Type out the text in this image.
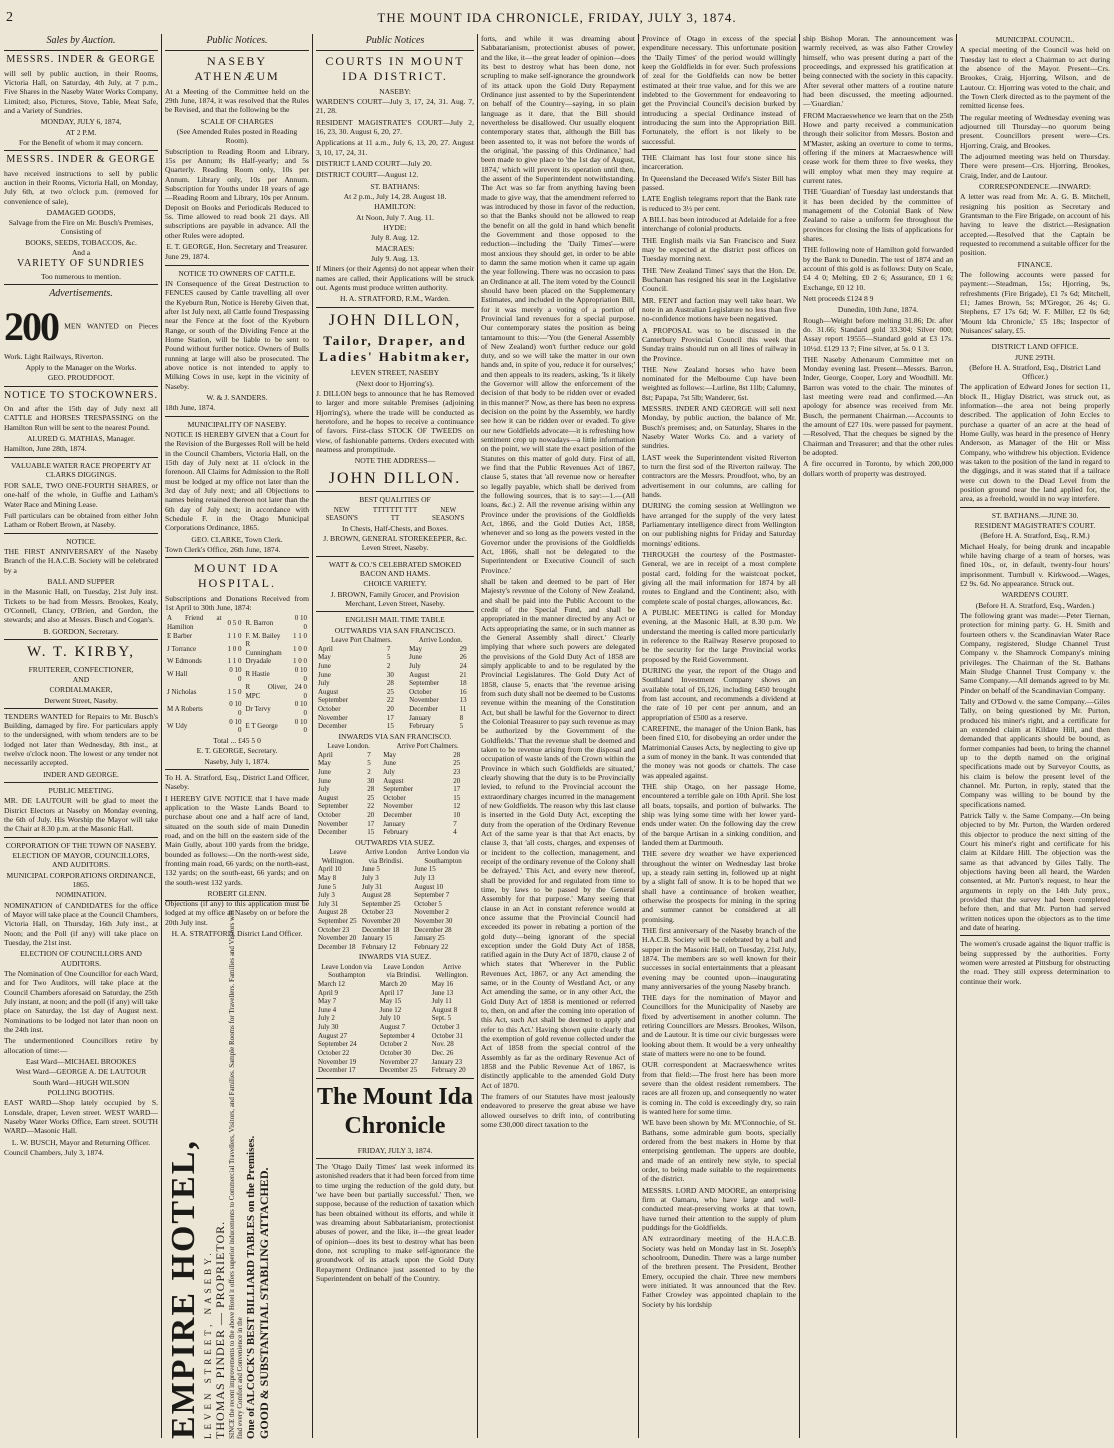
2	THE MOUNT IDA CHRONICLE, FRIDAY, JULY 3, 1874.
Sales by Auction.

MESSRS. INDER & GEORGE

will sell by public auction, in their Rooms, Victoria Hall, on Saturday, 4th July, at 7 p.m., Five Shares in the Naseby Water Works Company, Limited; also, Pictures, Stove, Table, Meat Safe, and a Variety of Sundries.

MONDAY, JULY 6, 1874,

AT 2 P.M.

For the Benefit of whom it may concern.

MESSRS. INDER & GEORGE

have received instructions to sell by public auction in their Rooms, Victoria Hall, on Monday, July 6th, at two o'clock p.m. (removed for convenience of sale),

DAMAGED GOODS,

Salvage from the Fire on Mr. Busch's Premises, Consisting of

BOOKS, SEEDS, TOBACCOS, &c.

And a

VARIETY OF SUNDRIES

Too numerous to mention.

Advertisements.

200 MEN WANTED on Pieces Work. Light Railways, Riverton.

Apply to the Manager on the Works.

GEO. PROUDFOOT.

NOTICE TO STOCKOWNERS.

On and after the 15th day of July next all CATTLE and HORSES TRESPASSING on the Hamilton Run will be sent to the nearest Pound.

ALURED G. MATHIAS, Manager.

Hamilton, June 28th, 1874.

VALUABLE WATER RACE PROPERTY AT CLARKS DIGGINGS.

FOR SALE, TWO ONE-FOURTH SHARES, or one-half of the whole, in Guffie and Latham's Water Race and Mining Lease.

Full particulars can be obtained from either John Latham or Robert Brown, at Naseby.

NOTICE.

THE FIRST ANNIVERSARY of the Naseby Branch of the H.A.C.B. Society will be celebrated by a

BALL AND SUPPER

in the Masonic Hall, on Tuesday, 21st July inst. Tickets to be had from Messrs. Brookes, Kealy, O'Connell, Clancy, O'Brien, and Gordon, the stewards; and also at Messrs. Busch and Cogan's.

B. GORDON, Secretary.

W. T. KIRBY,

FRUITERER, CONFECTIONER,

AND

CORDIALMAKER,

Derwent Street, Naseby.

TENDERS WANTED for Repairs to Mr. Busch's Building, damaged by fire. For particulars apply to the undersigned, with whom tenders are to be lodged not later than Wednesday, 8th inst., at twelve o'clock noon. The lowest or any tender not necessarily accepted.

INDER AND GEORGE.

PUBLIC MEETING.

MR. DE LAUTOUR will be glad to meet the District Electors at Naseby on Monday evening, the 6th of July. His Worship the Mayor will take the Chair at 8.30 p.m. at the Masonic Hall.

CORPORATION OF THE TOWN OF NASEBY.

ELECTION OF MAYOR, COUNCILLORS, AND AUDITORS.

MUNICIPAL CORPORATIONS ORDINANCE, 1865.

NOMINATION.

NOMINATION of CANDIDATES for the office of Mayor will take place at the Council Chambers, Victoria Hall, on Thursday, 16th July inst., at Noon; and the Poll (if any) will take place on Tuesday, the 21st inst.

ELECTION OF COUNCILLORS AND AUDITORS.

The Nomination of One Councillor for each Ward, and for Two Auditors, will take place at the Council Chambers aforesaid on Saturday, the 25th July instant, at noon; and the poll (if any) will take place on Saturday, the 1st day of August next. Nominations to be lodged not later than noon on the 24th inst.

The undermentioned Councillors retire by allocation of time:—

East Ward—MICHAEL BROOKES

West Ward—GEORGE A. DE LAUTOUR

South Ward—HUGH WILSON

POLLING BOOTHS.

EAST WARD—Shop lately occupied by S. Lonsdale, draper, Leven street. WEST WARD—Naseby Water Works Office, Earn street. SOUTH WARD—Masonic Hall.

L. W. BUSCH, Mayor and Returning Officer.

Council Chambers, July 3, 1874.

Public Notices.

NASEBY ATHENÆUM

At a Meeting of the Committee held on the 29th June, 1874, it was resolved that the Rules be Revised, and that the following be the

SCALE OF CHARGES

(See Amended Rules posted in Reading Room).

Subscription to Reading Room and Library, 15s per Annum; 8s Half-yearly; and 5s Quarterly. Reading Room only, 10s per Annum. Library only, 10s per Annum. Subscription for Youths under 18 years of age—Reading Room and Library, 10s per Annum. Deposit on Books and Periodicals Reduced to 5s. Time allowed to read book 21 days. All subscriptions are payable in advance. All the other Rules were adopted.

E. T. GEORGE, Hon. Secretary and Treasurer.

June 29, 1874.

NOTICE TO OWNERS OF CATTLE.

IN Consequence of the Great Destruction to FENCES caused by Cattle travelling all over the Kyeburn Run, Notice is Hereby Given that, after 1st July next, all Cattle found Trespassing near the Fence at the foot of the Kyeburn Range, or south of the Dividing Fence at the Home Station, will be liable to be sent to Pound without further notice. Owners of Bulls running at large will also be prosecuted. The above notice is not intended to apply to Milking Cows in use, kept in the vicinity of Naseby.

W. & J. SANDERS.

18th June, 1874.

MUNICIPALITY OF NASEBY.

NOTICE IS HEREBY GIVEN that a Court for the Revision of the Burgesses Roll will be held in the Council Chambers, Victoria Hall, on the 15th day of July next at 11 o'clock in the forenoon. All Claims for Admission to the Roll must be lodged at my office not later than the 3rd day of July next; and all Objections to names being retained thereon not later than the 6th day of July next; in accordance with Schedule F. in the Otago Municipal Corporations Ordinance, 1865.

GEO. CLARKE, Town Clerk.

Town Clerk's Office, 26th June, 1874.

MOUNT IDA HOSPITAL.

Subscriptions and Donations Received from 1st April to 30th June, 1874:

A Friend at Hamilton	0 5 0	R. Barron	0 10 0
E Barber	1 1 0	F. M. Bailey	1 1 0
J Torrance	1 0 0	R Cunningham	1 0 0
W Edmonds	1 1 0	Dryadale	1 0 0
W Hall	0 10 0	R Hastie	0 10 0
J Nicholas	1 5 0	R Oliver, MPC	24 0 0
M A Roberts	0 10 0	Dr Tervy	0 10 0
W Udy	0 10 0	E T George	0 10 0

Total ... £45 5 0

E. T. GEORGE, Secretary.

Naseby, July 1, 1874.

To H. A. Stratford, Esq., District Land Officer, Naseby.

I HEREBY GIVE NOTICE that I have made application to the Waste Lands Board to purchase about one and a half acre of land, situated on the south side of main Dunedin road, and on the hill on the eastern side of the Main Gully, about 100 yards from the bridge, bounded as follows:—On the north-west side, fronting main road, 66 yards; on the north-east, 132 yards; on the south-east, 66 yards; and on the south-west 132 yards.

ROBERT GLENN.

Objections (if any) to this application must be lodged at my office at Naseby on or before the 20th July inst.

H. A. STRATFORD, District Land Officer.

EMPIRE HOTEL, LEVEN STREET, NASEBY. THOMAS PINDER — PROPRIETOR. SINCE the recent improvements to the above Hotel it offers superior inducements to Commercial Travellers, Visitors, and Families. Sample Rooms for Travellers. Families and Visitors will find every Comfort and Convenience in the One of ALCOCK'S BEST BILLIARD TABLES on the Premises. GOOD & SUBSTANTIAL STABLING ATTACHED.
Public Notices

COURTS IN MOUNT IDA DISTRICT.

NASEBY:

WARDEN'S COURT—July 3, 17, 24, 31. Aug. 7, 21, 28.

RESIDENT MAGISTRATE'S COURT—July 2, 16, 23, 30. August 6, 20, 27.

Applications at 11 a.m., July 6, 13, 20, 27. August 3, 10, 17, 24, 31.

DISTRICT LAND COURT—July 20.

DISTRICT COURT—August 12.

ST. BATHANS:

At 2 p.m., July 14, 28. August 18.

HAMILTON:

At Noon, July 7. Aug. 11.

HYDE:

July 8. Aug. 12.

MACRAES:

July 9. Aug. 13.

If Miners (or their Agents) do not appear when their names are called, their Applications will be struck out. Agents must produce written authority.

H. A. STRATFORD, R.M., Warden.

JOHN DILLON,

Tailor, Draper, and Ladies' Habitmaker,

LEVEN STREET, NASEBY

(Next door to Hjorring's).

J. DILLON begs to announce that he has Removed to larger and more suitable Premises (adjoining Hjorring's), where the trade will be conducted as heretofore, and he hopes to receive a continuance of favors. First-class STOCK OF TWEEDS on view, of fashionable patterns. Orders executed with neatness and promptitude.

NOTE THE ADDRESS—

JOHN DILLON.

BEST QUALITIES OF

NEW SEASON'S	TTTTTTT TTT TT	NEW SEASON'S

In Chests, Half-Chests, and Boxes.

J. BROWN, GENERAL STOREKEEPER, &c. Leven Street, Naseby.

WATT & CO.'S CELEBRATED SMOKED BACON AND HAMS.

CHOICE VARIETY.

J. BROWN, Family Grocer, and Provision Merchant, Leven Street, Naseby.

ENGLISH MAIL TIME TABLE

OUTWARDS VIA SAN FRANCISCO.

Leave Port Chalmers.		Arrive London.	
April	7	May	29
May	5	June	26
June	2	July	24
June	30	August	21
July	28	September	18
August	25	October	16
September	22	November	13
October	20	December	11
November	17	January	8
December	15	February	5

INWARDS VIA SAN FRANCISCO.

Leave London.		Arrive Port Chalmers.	
April	7	May	28
May	5	June	25
June	2	July	23
June	30	August	20
July	28	September	17
August	25	October	15
September	22	November	12
October	20	December	10
November	17	January	7
December	15	February	4

OUTWARDS VIA SUEZ.

Leave Wellington.	Arrive London via Brindisi.	Arrive London via Southampton
April 10	June 5	June 15
May 8	July 3	July 13
June 5	July 31	August 10
July 3	August 28	September 7
July 31	September 25	October 5
August 28	October 23	November 2
September 25	November 20	November 30
October 23	December 18	December 28
November 20	January 15	January 25
December 18	February 12	February 22

INWARDS VIA SUEZ.

Leave London via Southampton	Leave London via Brindisi.	Arrive Wellington.
March 12	March 20	May 16
April 9	April 17	June 13
May 7	May 15	July 11
June 4	June 12	August 8
July 2	July 10	Sept. 5
July 30	August 7	October 3
August 27	September 4	October 31
September 24	October 2	Nov. 28
October 22	October 30	Dec. 26
November 19	November 27	January 23
December 17	December 25	February 20

The Mount Ida Chronicle

FRIDAY, JULY 3, 1874.

The 'Otago Daily Times' last week informed its astonished readers that it had been forced from time to time urging the reduction of the gold duty, but 'we have been but partially successful.' Then, we suppose, because of the reduction of taxation which has been obtained without its efforts, and while it was dreaming about Sabbatarianism, protectionist abuses of power, and the like, it—the great leader of opinion—does its best to destroy what has been done, not scrupling to make self-ignorance the groundwork of its attack upon the Gold Duty Repayment Ordinance just assented to by the Superintendent on behalf of the Country.

forts, and while it was dreaming about Sabbatarianism, protectionist abuses of power, and the like, it—the great leader of opinion—does its best to destroy what has been done, not scrupling to make self-ignorance the groundwork of its attack upon the Gold Duty Repayment Ordinance just assented to by the Superintendent on behalf of the Country—saying, in so plain language as it dare, that the Bill should nevertheless be disallowed. Our usually eloquent contemporary states that, although the Bill has been assented to, it was not before the words of the original, 'the passing of this Ordinance,' had been made to give place to 'the 1st day of August, 1874,' which will prevent its operation until then, the assent of the Superintendent notwithstanding. The Act was so far from anything having been made to give way, that the amendment referred to was introduced by those in favor of the reduction, so that the Banks should not be allowed to reap the benefit on all the gold in hand which benefit the Government and those opposed to the reduction—including the 'Daily Times'—were most anxious they should get, in order to be able to damn the same motion when it came up again the year following. There was no occasion to pass an Ordinance at all. The item voted by the Council should have been placed on the Supplementary Estimates, and included in the Appropriation Bill, for it was merely a voting of a portion of Provincial land revenues for a special purpose. Our contemporary states the position as being tantamount to this:—'You (the General Assembly of New Zealand) won't further reduce our gold duty, and so we will take the matter in our own hands and, in spite of you, reduce it for ourselves;' and then appeals to its readers, asking, 'Is it likely the Governor will allow the enforcement of the decision of that body to be ridden over or evaded in this manner?' Now, as there has been no express decision on the point by the Assembly, we hardly see how it can be ridden over or evaded. To give our new Goldfields advocate—it is refreshing how sentiment crop up nowadays—a little information on the point, we will state the exact position of the Statutes on this matter of gold duty. First of all, we find that the Public Revenues Act of 1867, clause 5, states that 'all revenue now or hereafter so legally payable, which shall be derived from the following sources, that is to say:—1.—(All loans, &c.) 2. All the revenue arising within any Province under the provisions of the Goldfields Act, 1866, and the Gold Duties Act, 1858, whenever and so long as the powers vested in the Governor under the provisions of the Goldfields Act, 1866, shall not be delegated to the Superintendent or Executive Council of such Province.'

shall be taken and deemed to be part of Her Majesty's revenue of the Colony of New Zealand, and shall be paid into the Public Account to the credit of the Special Fund, and shall be appropriated in the manner directed by any Act or Acts appropriating the same, or in such manner as the General Assembly shall direct.' Clearly implying that where such powers are delegated the provisions of the Gold Duty Act of 1858 are simply applicable to and to be regulated by the Provincial Legislatures. The Gold Duty Act of 1858, clause 5, enacts that 'the revenue arising from such duty shall not be deemed to be Customs revenue within the meaning of the Constitution Act, but shall be lawful for the Governor to direct the Colonial Treasurer to pay such revenue as may be authorized by the Government of the Goldfields.' That the revenue shall be deemed and taken to be revenue arising from the disposal and occupation of waste lands of the Crown within the Province in which such Goldfields are situated,' clearly showing that the duty is to be Provincially levied, to refund to the Provincial account the extraordinary charges incurred in the management of new Goldfields. The reason why this last clause is inserted in the Gold Duty Act, excepting the duty from the operation of the Ordinary Revenue Act of the same year is that that Act enacts, by clause 3, that 'all costs, charges, and expenses of or incident to the collection, management, and receipt of the ordinary revenue of the Colony shall be defrayed.' This Act, and every new thereof, shall be provided for and regulated from time to time, by laws to be passed by the General Assembly for that purpose.' Many seeing that clause in an Act in constant reference would at once assume that the Provincial Council had exceeded its power in rebating a portion of the gold duty—being ignorant of the special exception under the Gold Duty Act of 1858, ratified again in the Duty Act of 1870, clause 2 of which states that 'Wherever in the Public Revenues Act, 1867, or any Act amending the same, or in the County of Westland Act, or any Act amending the same, or in any other Act, the Gold Duty Act of 1858 is mentioned or referred to, then, on and after the coming into operation of this Act, such Act shall be deemed to apply and refer to this Act.' Having shown quite clearly that the exemption of gold revenue collected under the Act of 1858 from the special control of the Assembly as far as the ordinary Revenue Act of 1858 and the Public Revenue Act of 1867, is distinctly applicable to the amended Gold Duty Act of 1870.

The framers of our Statutes have most jealously endeavored to preserve the great abuse we have allowed ourselves to drift into, of contributing some £30,000 direct taxation to the

Province of Otago in excess of the special expenditure necessary. This unfortunate position the 'Daily Times' of the period would willingly keep the Goldfields in for ever. Such professions of zeal for the Goldfields can now be better estimated at their true value, and for this we are indebted to the Government for endeavoring to get the Provincial Council's decision burked by introducing a special Ordinance instead of introducing the sum into the Appropriation Bill. Fortunately, the effort is not likely to be successful.

THE Claimant has lost four stone since his incarceration.

In Queensland the Deceased Wife's Sister Bill has passed.

LATE English telegrams report that the Bank rate is reduced to 3½ per cent.

A BILL has been introduced at Adelaide for a free interchange of colonial products.

THE English mails via San Francisco and Suez may be expected at the district post offices on Tuesday morning next.

THE 'New Zealand Times' says that the Hon. Dr. Buchanan has resigned his seat in the Legislative Council.

MR. FENT and faction may well take heart. We note in an Australian Legislature no less than five no-confidence motions have been negatived.

A PROPOSAL was to be discussed in the Canterbury Provincial Council this week that Sunday trains should run on all lines of railway in the Province.

THE New Zealand horses who have been nominated for the Melbourne Cup have been weighted as follows:—Lurline, 8st 11lb; Calumny, 8st; Papapa, 7st 5lb; Wanderer, 6st.

MESSRS. INDER AND GEORGE will sell next Monday, by public auction, the balance of Mr. Busch's premises; and, on Saturday, Shares in the Naseby Water Works Co. and a variety of sundries.

LAST week the Superintendent visited Riverton to turn the first sod of the Riverton railway. The contractors are the Messrs. Proudfoot, who, by an advertisement in our columns, are calling for hands.

DURING the coming session at Wellington we have arranged for the supply of the very latest Parliamentary intelligence direct from Wellington on our publishing nights for Friday and Saturday mornings' editions.

THROUGH the courtesy of the Postmaster-General, we are in receipt of a most complete postal card, folding for the waistcoat pocket, giving all the mail information for 1874 by all routes to England and the Continent; also, with complete scale of postal charges, allowances, &c.

A PUBLIC MEETING is called for Monday evening, at the Masonic Hall, at 8.30 p.m. We understand the meeting is called more particularly in reference to the Railway Reserve proposed to be the security for the large Provincial works proposed by the Reid Government.

DURING the year, the report of the Otago and Southland Investment Company shows an available total of £6,126, including £450 brought from last account, and recommends a dividend at the rate of 10 per cent per annum, and an appropriation of £500 as a reserve.

CAREFINE, the manager of the Union Bank, has been fined £10, for disobeying an order under the Matrimonial Causes Acts, by neglecting to give up a sum of money in the bank. It was contended that the money was not goods or chattels. The case was appealed against.

THE ship Otago, on her passage Home, encountered a terrible gale on 10th April. She lost all boats, topsails, and portion of bulwarks. The ship was lying some time with her lower yard-ends under water. On the following day the crew of the barque Artisan in a sinking condition, and landed them at Dartmouth.

THE severe dry weather we have experienced throughout the winter on Wednesday last broke up, a steady rain setting in, followed up at night by a slight fall of snow. It is to be hoped that we shall have a continuance of broken weather, otherwise the prospects for mining in the spring and summer cannot be considered at all promising.

THE first anniversary of the Naseby branch of the H.A.C.B. Society will be celebrated by a ball and supper in the Masonic Hall, on Tuesday, 21st July, 1874. The members are so well known for their successes in social entertainments that a pleasant evening may be counted upon—inaugurating many anniversaries of the young Naseby branch.

THE days for the nomination of Mayor and Councillors for the Municipality of Naseby are fixed by advertisement in another column. The retiring Councillors are Messrs. Brookes, Wilson, and de Lautour. It is time our civic burgesses were looking about them. It would be a very unhealthy state of matters were no one to be found.

OUR correspondent at Macraeswhence writes from that field:—The frost here has been more severe than the oldest resident remembers. The races are all frozen up, and consequently no water is coming in. The cold is exceedingly dry, so rain is wanted here for some time.

WE have been shown by Mr. M'Connochie, of St. Bathans, some admirable gum boots, specially ordered from the best makers in Home by that enterprising gentleman. The uppers are double, and made of an entirely new style, to special order, to being made suitable to the requirements of the district.

MESSRS. LORD AND MOORE, an enterprising firm at Oamaru, who have large and well-conducted meat-preserving works at that town, have turned their attention to the supply of plum puddings for the Goldfields.

AN extraordinary meeting of the H.A.C.B. Society was held on Monday last in St. Joseph's schoolroom, Dunedin. There was a large number of the brethren present. The President, Brother Emery, occupied the chair. Three new members were initiated. It was announced that the Rev. Father Crowley was appointed chaplain to the Society by his lordship

ship Bishop Moran. The announcement was warmly received, as was also Father Crowley himself, who was present during a part of the proceedings, and expressed his gratification at being connected with the society in this capacity. After several other matters of a routine nature had been discussed, the meeting adjourned.—'Guardian.'

FROM Macraeswhence we learn that on the 25th Howe and party received a communication through their solicitor from Messrs. Boston and M'Master, asking an overture to come to terms, offering if the miners at Macraeswhence will cease work for them three to five weeks, they will employ what men they may require at current rates.

THE 'Guardian' of Tuesday last understands that it has been decided by the committee of management of the Colonial Bank of New Zealand to raise a uniform fee throughout the provinces for closing the lists of applications for shares.

THE following note of Hamilton gold forwarded by the Bank to Dunedin. The test of 1874 and an account of this gold is as follows: Duty on Scale, £4 4 0; Melting, £0 2 6; Assurance, £0 1 6; Exchange, £0 12 10.

Nett proceeds £124 8 9

Dunedin, 10th June, 1874.

Rough—Weight before melting 31.86; Dr. after do. 31.66; Standard gold 33.304; Silver 000; Assay report 19555—Standard gold at £3 17s. 10½d. £129 13 7; Fine silver, at 5s. 0 1 3.

THE Naseby Athenæum Committee met on Monday evening last. Present—Messrs. Barron, Inder, George, Cooper, Lory and Woodhill. Mr. Barron was voted to the chair. The minutes of last meeting were read and confirmed.—An apology for absence was received from Mr. Busch, the permanent Chairman.—Accounts to the amount of £27 10s. were passed for payment.—Resolved, That the cheques be signed by the Chairman and Treasurer; and that the other rules be adopted.

A fire occurred in Toronto, by which 200,000 dollars worth of property was destroyed.

MUNICIPAL COUNCIL.

A special meeting of the Council was held on Tuesday last to elect a Chairman to act during the absence of the Mayor. Present—Crs. Brookes, Craig, Hjorring, Wilson, and de Lautour. Cr. Hjorring was voted to the chair, and the Town Clerk directed as to the payment of the remitted license fees.

The regular meeting of Wednesday evening was adjourned till Thursday—no quorum being present. Councillors present were—Crs. Hjorring, Craig, and Brookes.

The adjourned meeting was held on Thursday. There were present—Crs. Hjorring, Brookes, Craig, Inder, and de Lautour.

CORRESPONDENCE.—INWARD:

A letter was read from Mr. A. G. B. Mitchell, resigning his position as Secretary and Grantsman to the Fire Brigade, on account of his having to leave the district.—Resignation accepted.—Resolved that the Captain be requested to recommend a suitable officer for the position.

FINANCE.

The following accounts were passed for payment:—Steadman, 15s; Hjorring, 9s, refreshments (Fire Brigade), £1 7s 6d; Mitchell, £1; James Brown, 5s; M'Gregor, 26 4s; G. Stephens, £7 17s 6d; W. F. Miller, £2 0s 6d; 'Mount Ida Chronicle,' £5 18s; Inspector of Nuisances' salary, £5.

DISTRICT LAND OFFICE.

JUNE 29TH.

(Before H. A. Stratford, Esq., District Land Officer.)

The application of Edward Jones for section 11, block II., Higlay District, was struck out, as information—the area not being properly described. The application of John Eccles to purchase a quarter of an acre at the head of Home Gully, was heard in the presence of Henry Anderson, as Manager of the Hit or Miss Company, who withdrew his objection. Evidence was taken to the position of the land in regard to the diggings, and it was stated that if a tailrace were cut down to the Dead Level from the position ground near the land applied for, the area, as a freehold, would in no way interfere.

ST. BATHANS.—JUNE 30.

RESIDENT MAGISTRATE'S COURT.

(Before H. A. Stratford, Esq., R.M.)

Michael Healy, for being drunk and incapable while having charge of a team of horses, was fined 10s., or, in default, twenty-four hours' imprisonment. Turnbull v. Kirkwood.—Wages, £2 9s. 6d. No appearance. Struck out.

WARDEN'S COURT.

(Before H. A. Stratford, Esq., Warden.)

The following grant was made:—Peter Tiernan, protection for mining party. G. H. Smith and fourteen others v. the Scandinavian Water Race Company, registered, Sludge Channel Trust Company v. the Shamrock Company's mining privileges. The Chairman of the St. Bathans Main Sludge Channel Trust Company v. the Same Company.—All demands agreed to by Mr. Pinder on behalf of the Scandinavian Company.

Tally and O'Dowd v. the same Company.—Giles Tally, on being questioned by Mr. Purton, produced his miner's right, and a certificate for an extended claim at Kildare Hill, and then demanded that applicants should be bound, as former companies had been, to bring the channel up to the depth named on the original specifications made out by Surveyor Coutts, as his claim is below the present level of the channel. Mr. Purton, in reply, stated that the Company was willing to be bound by the specifications named.

Patrick Tally v. the Same Company.—On being objected to by Mr. Purton, the Warden ordered this objector to produce the next sitting of the Court his miner's right and certificate for his claim at Kildare Hill. The objection was the same as that advanced by Giles Tally. The objections having been all heard, the Warden consented, at Mr. Purton's request, to hear the arguments in reply on the 14th July prox., provided that the survey had been completed before then, and that Mr. Purton had served written notices upon the objectors as to the time and date of hearing.

The women's crusade against the liquor traffic is being suppressed by the authorities. Forty women were arrested at Pittsburg for obstructing the road. They still express determination to continue their work.
